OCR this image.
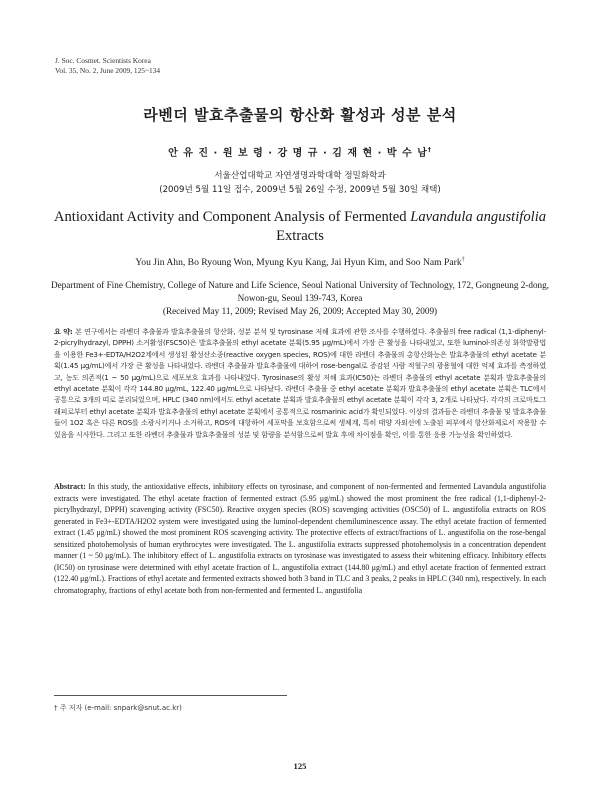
J. Soc. Cosmet. Scientists Korea
Vol. 35, No. 2, June 2009, 125~134
라벤더 발효추출물의 항산화 활성과 성분 분석
안 유 진 · 원 보 령 · 강 명 규 · 김 재 현 · 박 수 남†
서울산업대학교 자연생명과학대학 정밀화학과
(2009년 5월 11일 접수, 2009년 5월 26일 수정, 2009년 5월 30일 채택)
Antioxidant Activity and Component Analysis of Fermented Lavandula angustifolia
Extracts
You Jin Ahn, Bo Ryoung Won, Myung Kyu Kang, Jai Hyun Kim, and Soo Nam Park†
Department of Fine Chemistry, College of Nature and Life Science, Seoul National University of Technology, 172, Gongneung 2-dong, Nowon-gu, Seoul 139-743, Korea
(Received May 11, 2009; Revised May 26, 2009; Accepted May 30, 2009)
요 약: 본 연구에서는 라벤더 추출물과 발효추출물의 항산화, 성분 분석 및 tyrosinase 저해 효과에 관한 조사를 수행하였다. 추출물의 free radical (1,1-diphenyl-2-picrylhydrazyl, DPPH) 소거활성(FSC50)은 발효추출물의 ethyl acetate 분획(5.95 μg/mL)에서 가장 큰 활성을 나타내었고, 또한 luminol-의존성 화학발광법을 이용한 Fe3+-EDTA/H2O2계에서 생성된 활성산소종(reactive oxygen species, ROS)에 대한 라벤더 추출물의 총항산화능은 발효추출물의 ethyl acetate 분획(1.45 μg/mL)에서 가장 큰 활성을 나타내었다. 라벤더 추출물과 발효추출물에 대하여 rose-bengal로 증감된 사람 적혈구의 광용혈에 대한 억제 효과를 측정하였고, 농도 의존적(1 ~ 50 μg/mL)으로 세포보호 효과를 나타내었다. Tyrosinase의 활성 저해 효과(IC50)는 라벤더 추출물의 ethyl acetate 분획과 발효추출물의 ethyl acetate 분획이 각각 144.80 μg/mL, 122.40 μg/mL으로 나타났다. 라벤더 추출물 중 ethyl acetate 분획과 발효추출물의 ethyl acetate 분획은 TLC에서 공통으로 3개의 띠로 분리되었으며, HPLC (340 nm)에서도 ethyl acetate 분획과 발효추출물의 ethyl acetate 분획이 각각 3, 2개로 나타났다. 각각의 크로마토그래피로부터 ethyl acetate 분획과 발효추출물의 ethyl acetate 분획에서 공통적으로 rosmarinic acid가 확인되었다. 이상의 결과들은 라벤더 추출물 및 발효추출물들이 1O2 혹은 다른 ROS를 소광시키거나 소거하고, ROS에 대항하여 세포막을 보호함으로써 생체계, 특히 태양 자외선에 노출된 피부에서 항산화제로서 작용할 수 있음을 시사한다. 그리고 또한 라벤더 추출물과 발효추출물의 성분 및 함량을 분석함으로써 발효 후에 차이점을 확인, 이를 통한 응용 가능성을 확인하였다.
Abstract: In this study, the antioxidative effects, inhibitory effects on tyrosinase, and component of non-fermented and fermented Lavandula angustifolia extracts were investigated. The ethyl acetate fraction of fermented extract (5.95 μg/mL) showed the most prominent the free radical (1,1-diphenyl-2-picrylhydrazyl, DPPH) scavenging activity (FSC50). Reactive oxygen species (ROS) scavenging activities (OSC50) of L. angustifolia extracts on ROS generated in Fe3+-EDTA/H2O2 system were investigated using the luminol-dependent chemiluminescence assay. The ethyl acetate fraction of fermented extract (1.45 μg/mL) showed the most prominent ROS scavenging activity. The protective effects of extract/fractions of L. angustifolia on the rose-bengal sensitized photohemolysis of human erythrocytes were investigated. The L. angustifolia extracts suppressed photohemolysis in a concentration dependent manner (1 ~ 50 μg/mL). The inhibitory effect of L. angustifolia extracts on tyrosinase was investigated to assess their whitening efficacy. Inhibitory effects (IC50) on tyrosinase were determined with ethyl acetate fraction of L. angustifolia extract (144.80 μg/mL) and ethyl acetate fraction of fermented extract (122.40 μg/mL). Fractions of ethyl acetate and fermented extracts showed both 3 band in TLC and 3 peaks, 2 peaks in HPLC (340 nm), respectively. In each chromatography, fractions of ethyl acetate both from non-fermented and fermented L. angustifolia
† 주 저자 (e-mail: snpark@snut.ac.kr)
125
